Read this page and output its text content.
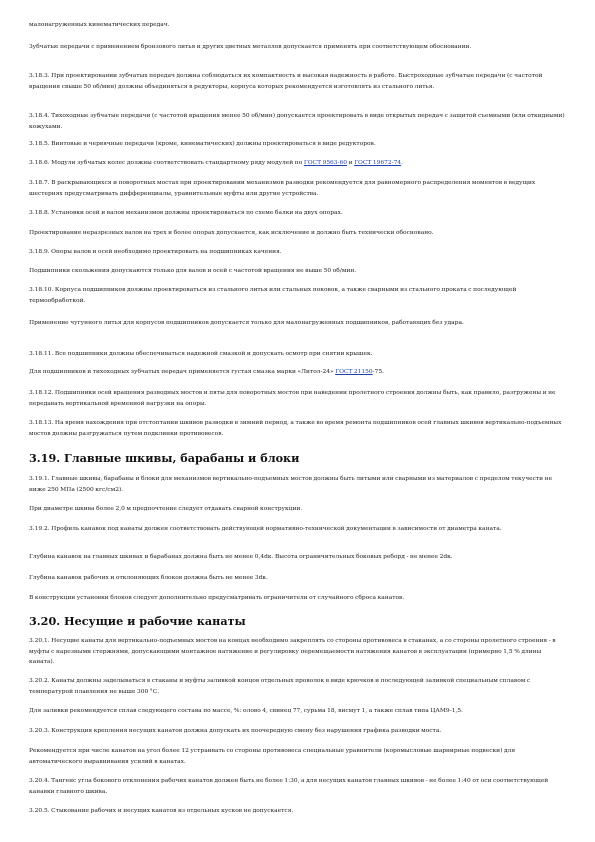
малонагруженных кинематических передач.

Зубчатые передачи с применением бронзового литья и других цветных металлов допускается применять при соответствующем обосновании.

3.18.3. При проектировании зубчатых передач должна соблюдаться их компактность и высокая надежность в работе. Быстроходные зубчатые передачи (с частотой вращения свыше 50 об/мин) должны объединяться в редукторы, корпуса которых рекомендуется изготовлять из стального литья.

3.18.4. Тихоходные зубчатые передачи (с частотой вращения менее 50 об/мин) допускается проектировать в виде открытых передач с защитой съемными (или откидными) кожухами.

3.18.5. Винтовые и червячные передачи (кроме, кинематических) должны проектироваться в виде редукторов.

3.18.6. Модули зубчатых колес должны соответствовать стандартному ряду модулей по ГОСТ 9563-60 и ГОСТ 19672-74.

3.18.7. В раскрывающихся и поворотных мостах при проектировании механизмов разводки рекомендуется для равномерного распределения моментов в ведущих шестернях предусматривать дифференциалы, уравнительные муфты или другие устройства.

3.18.8. Установки осей и валов механизмов должны проектироваться по схеме балки на двух опорах.

Проектирование неразрезных валов на трех и более опорах допускается, как исключение и должно быть технически обосновано.

3.18.9. Опоры валов и осей необходимо проектировать на подшипниках качения.

Подшипники скольжения допускаются только для валов и осей с частотой вращения не выше 50 об/мин.

3.18.10. Корпуса подшипников должны проектироваться из стального литья или стальных поковок, а также сварными из стального проката с последующей термообработкой.

Применение чугунного литья для корпусов подшипников допускается только для малонагруженных подшипников, работающих без удара.

3.18.11. Все подшипники должны обеспечиваться надежной смазкой и допускать осмотр при снятии крышек.

Для подшипников и тихоходных зубчатых передач применяется густая смазка марки «Литол-24» ГОСТ 21150-75.

3.18.12. Подшипники осей вращения разводных мостов и пяты для поворотных мостов при наведении пролетного строения должны быть, как правило, разгружены и не передавать вертикальной временной нагрузки на опоры.

3.18.13. На время нахождения при отстоптании шкивов разводки в зимний период, а также во время ремонта подшипников осей главных шкивов вертикально-подъемных мостов должны разгружаться путем подклинки противовесов.

3.19. Главные шкивы, барабаны и блоки

3.19.1. Главные шкивы, барабаны и блоки для механизмов вертикально-подъемных мостов должны быть литыми или сварными из материалов с пределом текучести не ниже 250 МПа (2500 кгс/см2).

При диаметре шкива более 2,0 м предпочтение следует отдавать сварной конструкции.

3.19.2. Профиль канавок под канаты должен соответствовать действующей нормативно-технической документации в зависимости от диаметра каната.

Глубина канавок на главных шкивах и барабанах должна быть не менее 0,4dк. Высота ограничительных боковых реборд - не менее 2dк.

Глубина канавок рабочих и отклоняющих блоков должна быть не менее 3dк.

В конструкции установки блоков следует дополнительно предусматривать ограничители от случайного сброса канатов.

3.20. Несущие и рабочие канаты

3.20.1. Несущие канаты для вертикально-подъемных мостов на концах необходимо закреплять со стороны противовеса в стаканах, а со стороны пролетного строения - в муфты с нарезными стержнями, допускающими монтажное натяжение и регулировку перемещаемости натяжения канатов в эксплуатации (примерно 1,5 % длины каната).

3.20.2. Канаты должны заделываться в стаканы и муфты заливкой концов отдельных проволок в виде крючков и последующей заливкой специальным сплавом с температурой плавления не выше 300 °С.

Для заливки рекомендуется сплав следующего состава по массе, %: олово 4, свинец 77, сурьма 18, висмут 1, а также сплав типа ЦАМ9-1,5.

3.20.3. Конструкция крепления несущих канатов должна допускать их поочередную смену без нарушения графика разводки моста.

Рекомендуется при числе канатов на угол более 12 устраивать со стороны противовеса специальные уравнители (коромысловые шарнирные подвески) для автоматического выравнивания усилий в канатах.

3.20.4. Тангенс угла бокового отклонения рабочих канатов должен быть не более 1:30, а для несущих канатов главных шкивов - не более 1:40 от оси соответствующей канавки главного шкива.

3.20.5. Стыкование рабочих и несущих канатов из отдельных кусков не допускается.
